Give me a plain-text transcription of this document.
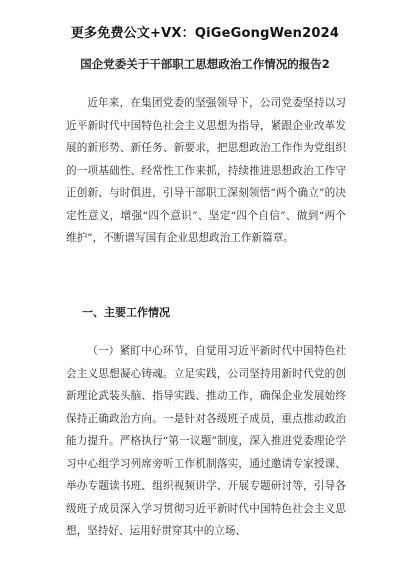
更多免费公文+VX：QiGeGongWen2024
国企党委关于干部职工思想政治工作情况的报告2

近年来，在集团党委的坚强领导下，公司党委坚持以习近平新时代中国特色社会主义思想为指导，紧跟企业改革发展的新形势、新任务、新要求，把思想政治工作作为党组织的一项基础性、经常性工作来抓，持续推进思想政治工作守正创新、与时俱进，引导干部职工深刻领悟“两个确立”的决定性意义，增强“四个意识”、坚定“四个自信”、做到“两个维护”，不断谱写国有企业思想政治工作新篇章。

一、主要工作情况

（一）紧盯中心环节，自觉用习近平新时代中国特色社会主义思想凝心铸魂。立足实践，公司坚持用新时代党的创新理论武装头脑、指导实践、推动工作，确保企业发展始终保持正确政治方向。一是针对各级班子成员，重点推动政治能力提升。严格执行“第一议题”制度，深入推进党委理论学习中心组学习列席旁听工作机制落实，通过邀请专家授课、举办专题读书班、组织视频讲学、开展专题研讨等，引导各级班子成员深入学习贯彻习近平新时代中国特色社会主义思想，坚持好、运用好贯穿其中的立场、
